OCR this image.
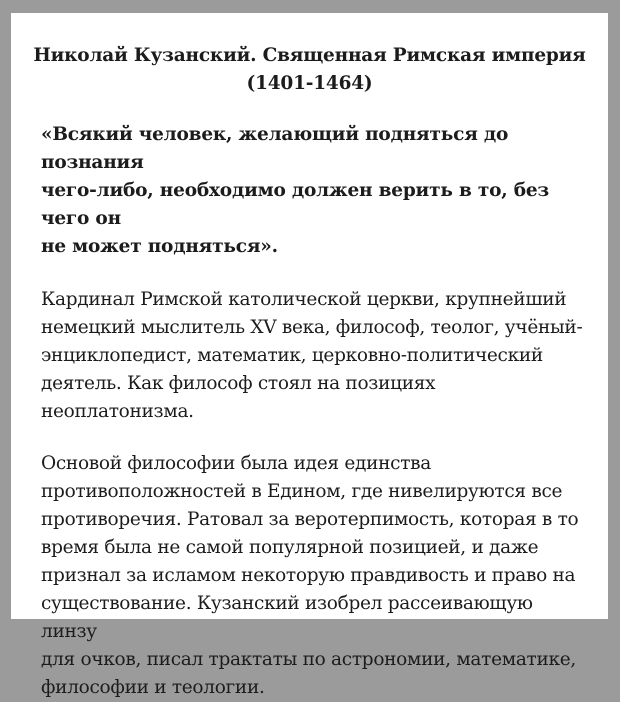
Николай Кузанский. Священная Римская империя
(1401-1464)
«Всякий человек, желающий подняться до познания
чего-либо, необходимо должен верить в то, без чего он
не может подняться».
Кардинал Римской католической церкви, крупнейший
немецкий мыслитель XV века, философ, теолог, учёный-
энциклопедист, математик, церковно-политический
деятель. Как философ стоял на позициях неоплатонизма.
Основой философии была идея единства
противоположностей в Едином, где нивелируются все
противоречия. Ратовал за веротерпимость, которая в то
время была не самой популярной позицией, и даже
признал за исламом некоторую правдивость и право на
существование. Кузанский изобрел рассеивающую линзу
для очков, писал трактаты по астрономии, математике,
философии и теологии.
